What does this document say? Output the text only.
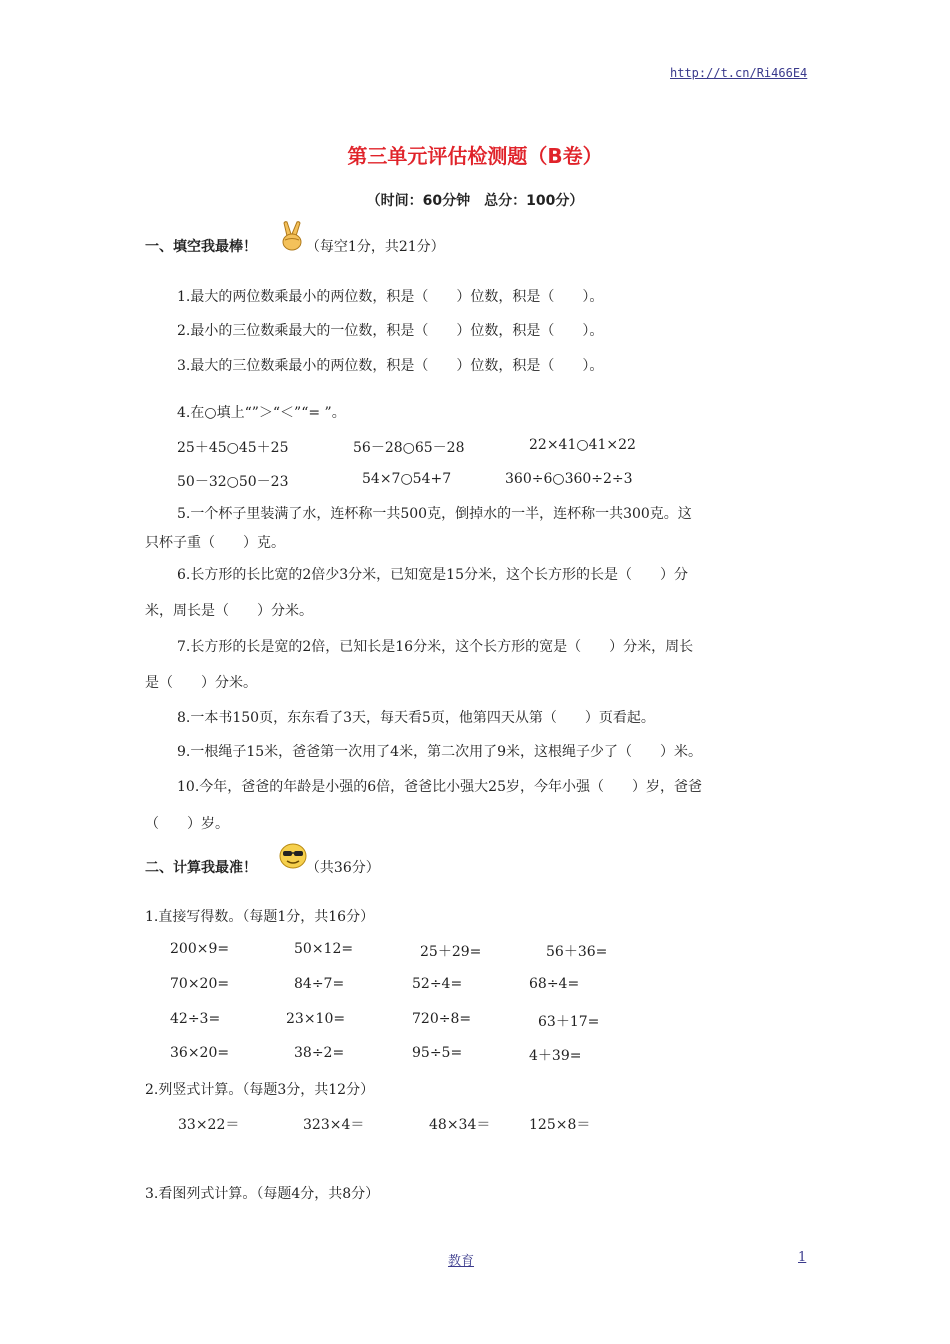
http://t.cn/Ri466E4
第三单元评估检测题（B卷）
（时间：60分钟　总分：100分）
一、填空我最棒！	（每空1分，共21分）
1.最大的两位数乘最小的两位数，积是（　　）位数，积是（　　）。
2.最小的三位数乘最大的一位数，积是（　　）位数，积是（　　）。
3.最大的三位数乘最小的两位数，积是（　　）位数，积是（　　）。
4.在○填上“”＞“＜”“= ”。
25＋45○45＋25	56－28○65－28	22×41○41×22
50－32○50－23	54×7○54+7	360÷6○360÷2÷3
5.一个杯子里装满了水，连杯称一共500克，倒掉水的一半，连杯称一共300克。这
只杯子重（　　）克。
6.长方形的长比宽的2倍少3分米，已知宽是15分米，这个长方形的长是（　　）分
米，周长是（　　）分米。
7.长方形的长是宽的2倍，已知长是16分米，这个长方形的宽是（　　）分米，周长
是（　　）分米。
8.一本书150页，东东看了3天，每天看5页，他第四天从第（　　）页看起。
9.一根绳子15米，爸爸第一次用了4米，第二次用了9米，这根绳子少了（　　）米。
10.今年，爸爸的年龄是小强的6倍，爸爸比小强大25岁，今年小强（　　）岁，爸爸
（　　）岁。
二、计算我最准！	（共36分）
1.直接写得数。（每题1分，共16分）
200×9=	50×12=	25＋29=	56＋36=
70×20=	84÷7=	52÷4=	68÷4=
42÷3=	23×10=	720÷8=	63＋17=
36×20=	38÷2=	95÷5=	4＋39=
2.列竖式计算。（每题3分，共12分）
33×22＝	323×4＝	48×34＝	125×8＝
3.看图列式计算。（每题4分，共8分）
教育	1
